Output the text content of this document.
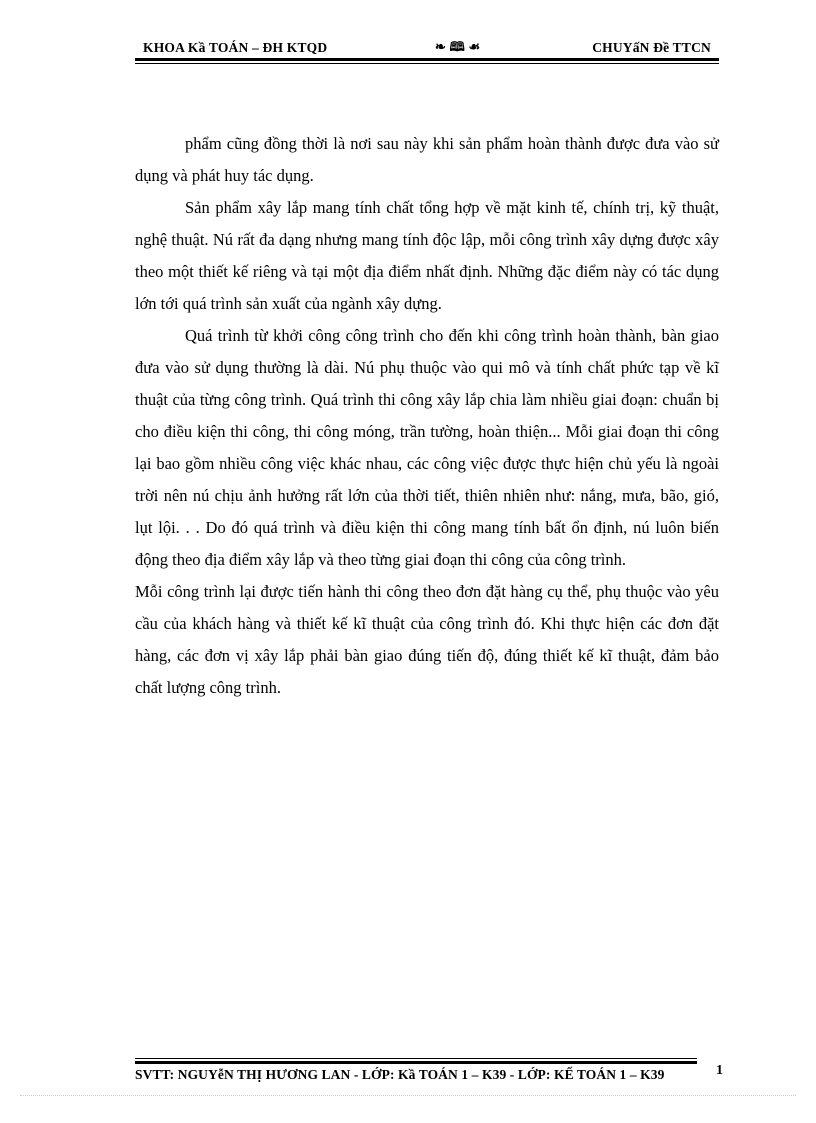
KHOA Kầ TOÁN – ĐH KTQD	❧ 🕮 ☙	CHUYấN Đề TTCN

phẩm cũng đồng thời là nơi sau này khi sản phẩm hoàn thành được đưa vào sử dụng và phát huy tác dụng.

Sản phẩm xây lắp mang tính chất tổng hợp về mặt kinh tế, chính trị, kỹ thuật, nghệ thuật. Nú rất đa dạng nhưng mang tính độc lập, mỗi công trình xây dựng được xây theo một thiết kế riêng và tại một địa điểm nhất định. Những đặc điểm này có tác dụng lớn tới quá trình sản xuất của ngành xây dựng.

Quá trình từ khởi công công trình cho đến khi công trình hoàn thành, bàn giao đưa vào sử dụng thường là dài. Nú phụ thuộc vào qui mô và tính chất phức tạp về kĩ thuật của từng công trình. Quá trình thi công xây lắp chia làm nhiều giai đoạn: chuẩn bị cho điều kiện thi công, thi công móng, trần tường, hoàn thiện... Mỗi giai đoạn thi công lại bao gồm nhiều công việc khác nhau, các công việc được thực hiện chủ yếu là ngoài trời nên nú chịu ảnh hưởng rất lớn của thời tiết, thiên nhiên như: nắng, mưa, bão, gió, lụt lội. . . Do đó quá trình và điều kiện thi công mang tính bất ổn định, nú luôn biến động theo địa điểm xây lắp và theo từng giai đoạn thi công của công trình.

Mỗi công trình lại được tiến hành thi công theo đơn đặt hàng cụ thể, phụ thuộc vào yêu cầu của khách hàng và thiết kế kĩ thuật của công trình đó. Khi thực hiện các đơn đặt hàng, các đơn vị xây lắp phải bàn giao đúng tiến độ, đúng thiết kế kĩ thuật, đảm bảo chất lượng công trình.

SVTT: NGUYễN THỊ HƯƠNG LAN - LỚP: Kầ TOÁN 1 – K39 - LỚP: KẾ TOÁN 1 – K39	1
